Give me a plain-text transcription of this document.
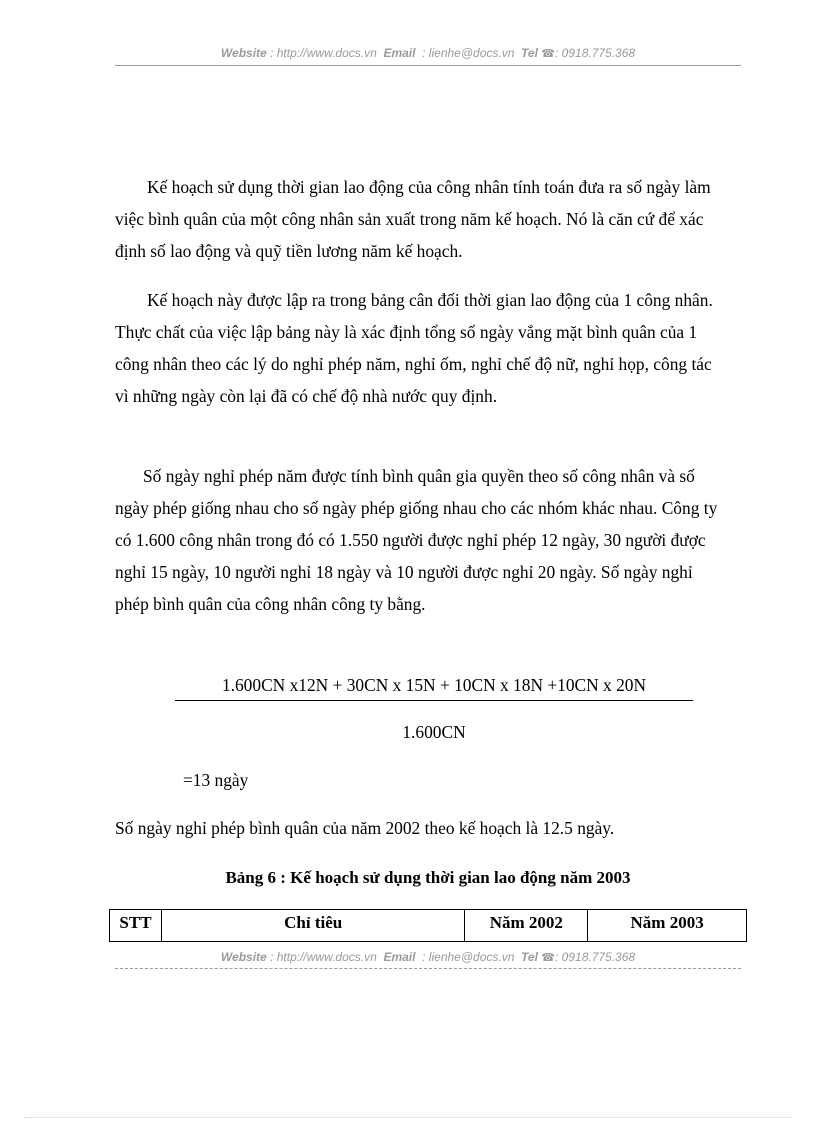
Website : http://www.docs.vn Email : lienhe@docs.vn Tel ☎: 0918.775.368

Kế hoạch sử dụng thời gian lao động của công nhân tính toán đưa ra số ngày làm việc bình quân của một công nhân sản xuất trong năm kế hoạch. Nó là căn cứ để xác định số lao động và quỹ tiền lương năm kế hoạch.

Kế hoạch này được lập ra trong bảng cân đối thời gian lao động của 1 công nhân. Thực chất của việc lập bảng này là xác định tổng số ngày vắng mặt bình quân của 1 công nhân theo các lý do nghỉ phép năm, nghỉ ốm, nghỉ chế độ nữ, nghỉ họp, công tác vì những ngày còn lại đã có chế độ nhà nước quy định.

Số ngày nghỉ phép năm được tính bình quân gia quyền theo số công nhân và số ngày phép giống nhau cho số ngày phép giống nhau cho các nhóm khác nhau. Công ty có 1.600 công nhân trong đó có 1.550 người được nghỉ phép 12 ngày, 30 người được nghỉ 15 ngày, 10 người nghỉ 18 ngày và 10 người được nghỉ 20 ngày. Số ngày nghỉ phép bình quân của công nhân công ty bằng.

1.600CN x12N + 30CN x 15N + 10CN x 18N +10CN x 20N
1.600CN
=13 ngày
Số ngày nghỉ phép bình quân của năm 2002 theo kế hoạch là 12.5 ngày.
Bảng 6 : Kế hoạch sử dụng thời gian lao động năm 2003
STT	Chỉ tiêu	Năm 2002	Năm 2003
Website : http://www.docs.vn Email : lienhe@docs.vn Tel ☎: 0918.775.368
